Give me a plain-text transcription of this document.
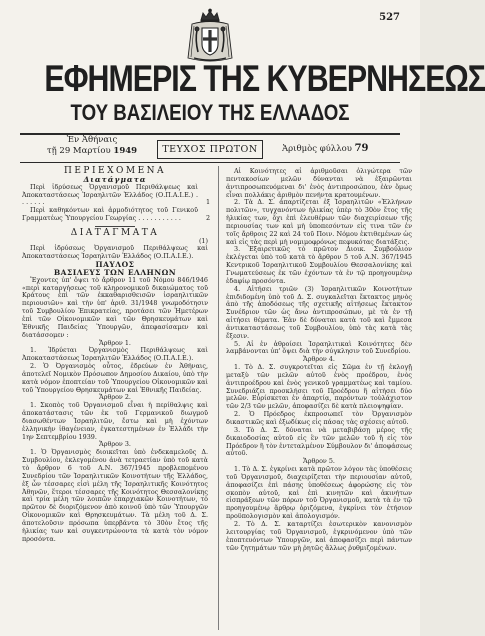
527
ΕΦΗΜΕΡΙΣ ΤΗΣ ΚΥΒΕΡΝΗΣΕΩΣ
ΤΟΥ ΒΑΣΙΛΕΙΟΥ ΤΗΣ ΕΛΛΑΔΟΣ
Ἐν Ἀθήναις
τῇ 29 Μαρτίου 1949	ΤΕΥΧΟΣ ΠΡΩΤΟΝ	Ἀριθμὸς φύλλου 79

ΠΕΡΙΕΧΟΜΕΝΑ

Διατάγματα

Περὶ ἱδρύσεως Ὀργανισμοῦ Περιθάλψεως καὶ Ἀποκαταστάσεως Ἰσραηλιτῶν Ἑλλάδος (Ο.Π.Α.Ι.Ε.) . . . . . . .	1

Περὶ καθηκόντων καὶ ἁρμοδιότητος τοῦ Γενικοῦ Γραμματέως Ὑπουργείου Γεωργίας . . . . . . . . . . .	2

ΔΙΑΤΑΓΜΑΤΑ

(1)

Περὶ ἱδρύσεως Ὀργανισμοῦ Περιθάλψεως καὶ Ἀποκαταστάσεως Ἰσραηλιτῶν Ἑλλάδος (Ο.Π.Α.Ι.Ε.).

ΠΑΥΛΟΣ

ΒΑΣΙΛΕΥΣ ΤΩΝ ΕΛΛΗΝΩΝ

Ἔχοντες ὑπ' ὄψει τὸ ἄρθρον 11 τοῦ Νόμου 846/1946 «περὶ καταργήσεως τοῦ κληρονομικοῦ δικαιώματος τοῦ Κράτους ἐπὶ τῶν ἐκκαθαρισθεισῶν ἰσραηλιτικῶν περιουσιῶν» καὶ τὴν ὑπ' ἀριθ. 31/1948 γνωμοδότησιν τοῦ Συμβουλίου Ἐπικρατείας, προτάσει τῶν Ἡμετέρων ἐπὶ τῶν Οἰκονομικῶν καὶ τῶν Θρησκευμάτων καὶ Ἐθνικῆς Παιδείας Ὑπουργῶν, ἀπεφασίσαμεν καὶ διατάσσομεν :

Ἄρθρον 1.

1. Ἱδρύεται Ὀργανισμὸς Περιθάλψεως καὶ Ἀποκαταστάσεως Ἰσραηλιτῶν Ἑλλάδος (Ο.Π.Α.Ι.Ε.).

2. Ὁ Ὀργανισμὸς οὗτος, ἑδρεύων ἐν Ἀθήναις, ἀποτελεῖ Νομικὸν Πρόσωπον Δημοσίου Δικαίου, ὑπὸ τὴν κατὰ νόμον ἐποπτείαν τοῦ Ὑπουργείου Οἰκονομικῶν καὶ τοῦ Ὑπουργείου Θρησκευμάτων καὶ Ἐθνικῆς Παιδείας.

Ἄρθρον 2.

1. Σκοπὸς τοῦ Ὀργανισμοῦ εἶναι ἡ περίθαλψις καὶ ἀποκατάστασις τῶν ἐκ τοῦ Γερμανικοῦ διωγμοῦ διασωθέντων Ἰσραηλιτῶν, ἔστω καὶ μὴ ἐχόντων ἑλληνικὴν ἰθαγένειαν, ἐγκατεστημένων ἐν Ἑλλάδι τὴν 1ην Σεπτεμβρίου 1939.

Ἄρθρον 3.

1. Ὁ Ὀργανισμὸς διοικεῖται ὑπὸ ἑνδεκαμελοῦς Δ. Συμβουλίου, ἐκλεγομένου ἀνὰ τετραετίαν ὑπὸ τοῦ κατὰ τὸ ἄρθρον 6 τοῦ Α.Ν. 367/1945 προβλεπομένου Συνεδρίου τῶν Ἰσραηλιτικῶν Κοινοτήτων τῆς Ἑλλάδος, ἐξ ὧν τέσσαρες εἰσὶ μέλη τῆς Ἰσραηλιτικῆς Κοινότητος Ἀθηνῶν, ἕτεροι τέσσαρες τῆς Κοινότητος Θεσσαλονίκης καὶ τρία μέλη τῶν λοιπῶν ἐπαρχιακῶν Κοινοτήτων, τὸ πρῶτον δὲ διοριζόμενον ἀπὸ κοινοῦ ὑπὸ τῶν Ὑπουργῶν Οἰκονομικῶν καὶ Θρησκευμάτων. Τὰ μέλη τοῦ Δ. Σ. ἀποτελοῦσιν πρόσωπα ὑπερβάντα τὸ 30ὸν ἔτος τῆς ἡλικίας των καὶ συγκεντρώνοντα τὰ κατὰ τὸν νόμον προσόντα.

Αἱ Κοινότητες αἱ ἀριθμοῦσαι ὀλιγώτερα τῶν πεντακοσίων μελῶν δύνανται νὰ ἐξαιρῶνται ἀντιπροσωπευόμεναι δι' ἑνὸς ἀντιπροσώπου, ἐὰν ὅμως εἶναι πολλάκις ἀριθμὸν πενήντα κρατουμένων.

2. Τὰ Δ. Σ. ἀπαρτίζεται ἐξ Ἰσραηλιτῶν «Ἑλλήνων πολιτῶν», τυγχανόντων ἡλικίας ὑπὲρ τὸ 30ὸν ἔτος τῆς ἡλικίας των, ὄχι ἐπὶ ἐλευθέρων τῶν διαχειρίσεων τῆς περιουσίας των καὶ μὴ ὑποπεσόντων εἰς τινα τῶν ἐν τοῖς ἄρθροις 22 καὶ 24 τοῦ Ποιν. Νόμου ἐκτιθεμένων ὡς καὶ εἰς τὰς περὶ μὴ νομιμοφρόνως πεφυκότας διατάξεις.

3. Ἐξαιρετικῶς τὸ πρῶτον Διοικ. Συμβούλιον ἐκλέγεται ὑπὸ τοῦ κατὰ τὸ ἄρθρον 5 τοῦ Α.Ν. 367/1945 Κεντρικοῦ Ἰσραηλιτικοῦ Συμβουλίου Θεσσαλονίκης καὶ Γνωματεύσεως ἐκ τῶν ἐχόντων τὰ ἐν τῷ προηγουμένῳ ἐδαφίῳ προσόντα.

4. Αἰτήσει τριῶν (3) Ἰσραηλιτικῶν Κοινοτήτων ἐπιδιδομένη ὑπὸ τοῦ Δ. Σ. συγκαλεῖται ἔκτακτος μηνὸς ἀπὸ τῆς ἀποδόσεως τῆς σχετικῆς αἰτήσεως ἔκτακτον Συνέδριον τῶν ὡς ἄνω ἀντιπροσώπων, μὲ τὰ ἐν τῇ αἰτήσει θέματα. Ἐὰν δὲ δύναται κατὰ τοῦ καὶ ἔμμεσα ἀντικαταστάσεως τοῦ Συμβουλίου, ὑπὸ τὰς κατὰ τὰς ἔξεσιν.

5. Αἱ ἐν ἀθροίσει Ἰσραηλιτικαὶ Κοινότητες δὲν λαμβάνονται ὑπ' ὄψει διὰ τὴν σύγκλησιν τοῦ Συνεδρίου.

Ἄρθρον 4.

1. Τὸ Δ. Σ. συγκροτεῖται εἰς Σῶμα ἐν τῇ ἐκλογῇ μεταξὺ τῶν μελῶν αὐτοῦ ἑνὸς προέδρου, ἑνὸς ἀντιπροέδρου καὶ ἑνὸς γενικοῦ γραμματέως καὶ ταμίου. Συνεδριάζει προσκλήσει τοῦ Προέδρου ἢ αἰτήσει δύο μελῶν. Εὑρίσκεται ἐν ἀπαρτίᾳ, παρόντων τοὐλάχιστον τῶν 2/3 τῶν μελῶν, ἀποφασίζει δὲ κατὰ πλειοψηφίαν.

2. Ὁ Πρόεδρος ἐκπροσωπεῖ τὸν Ὀργανισμὸν δικαστικῶς καὶ ἐξωδίκως εἰς πάσας τὰς σχέσεις αὐτοῦ.

3. Τὸ Δ. Σ. δύναται νὰ μεταβιβάσῃ μέρος τῆς δικαιοδοσίας αὐτοῦ εἰς ἓν τῶν μελῶν τοῦ ἢ εἰς τὸν Πρόεδρον ἢ τὸν ἐντεταλμένον Σύμβουλον δι' ἀποφάσεως αὐτοῦ.

Ἄρθρον 5.

1. Τὸ Δ. Σ. ἐγκρίνει κατὰ πρῶτον λόγον τὰς ὑποθέσεις τοῦ Ὀργανισμοῦ, διαχειρίζεται τὴν περιουσίαν αὐτοῦ, ἀποφασίζει ἐπὶ πάσης ὑποθέσεως ἀφορώσης εἰς τὸν σκοπὸν αὐτοῦ, καὶ ἐπὶ κινητῶν καὶ ἀκινήτων εἰσπράξεων τῶν πόρων τοῦ Ὀργανισμοῦ, κατὰ τὰ ἐν τῷ προηγουμένῳ ἄρθρῳ ὁριζόμενα, ἐγκρίνει τὸν ἐτήσιον προϋπολογισμὸν καὶ ἀπολογισμόν.

2. Τὸ Δ. Σ. καταρτίζει ἐσωτερικὸν κανονισμὸν λειτουργίας τοῦ Ὀργανισμοῦ, ἐγκρινόμενον ὑπὸ τῶν ἐποπτευόντων Ὑπουργῶν, καὶ ἀποφασίζει περὶ πάντων τῶν ζητημάτων τῶν μὴ ῥητῶς ἄλλως ῥυθμιζομένων.
